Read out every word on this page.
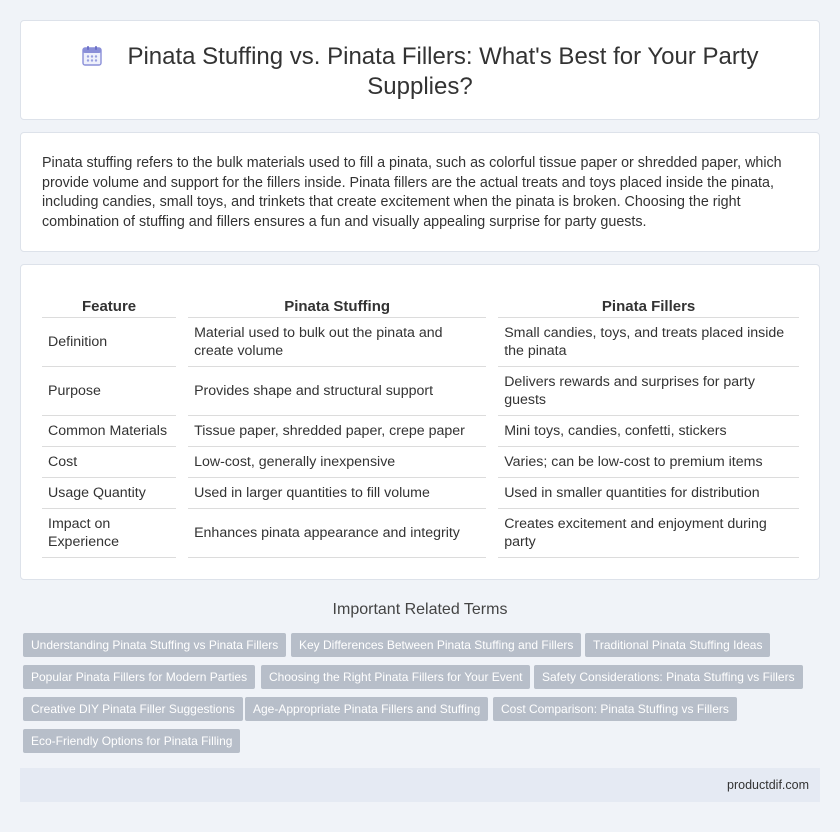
Pinata Stuffing vs. Pinata Fillers: What's Best for Your Party
Supplies?

Pinata stuffing refers to the bulk materials used to fill a pinata, such as colorful tissue paper or shredded paper, which provide volume and support for the fillers inside. Pinata fillers are the actual treats and toys placed inside the pinata, including candies, small toys, and trinkets that create excitement when the pinata is broken. Choosing the right combination of stuffing and fillers ensures a fun and visually appealing surprise for party guests.

Feature		Pinata Stuffing		Pinata Fillers
Definition		Material used to bulk out the pinata and create volume		Small candies, toys, and treats placed inside the pinata
Purpose		Provides shape and structural support		Delivers rewards and surprises for party guests
Common Materials		Tissue paper, shredded paper, crepe paper		Mini toys, candies, confetti, stickers
Cost		Low-cost, generally inexpensive		Varies; can be low-cost to premium items
Usage Quantity		Used in larger quantities to fill volume		Used in smaller quantities for distribution
Impact on Experience		Enhances pinata appearance and integrity		Creates excitement and enjoyment during party
Important Related Terms
Understanding Pinata Stuffing vs Pinata Fillers	Key Differences Between Pinata Stuffing and Fillers	Traditional Pinata Stuffing Ideas
Popular Pinata Fillers for Modern Parties	Choosing the Right Pinata Fillers for Your Event	Safety Considerations: Pinata Stuffing vs Fillers
Creative DIY Pinata Filler Suggestions	Age-Appropriate Pinata Fillers and Stuffing	Cost Comparison: Pinata Stuffing vs Fillers
Eco-Friendly Options for Pinata Filling
productdif.com
